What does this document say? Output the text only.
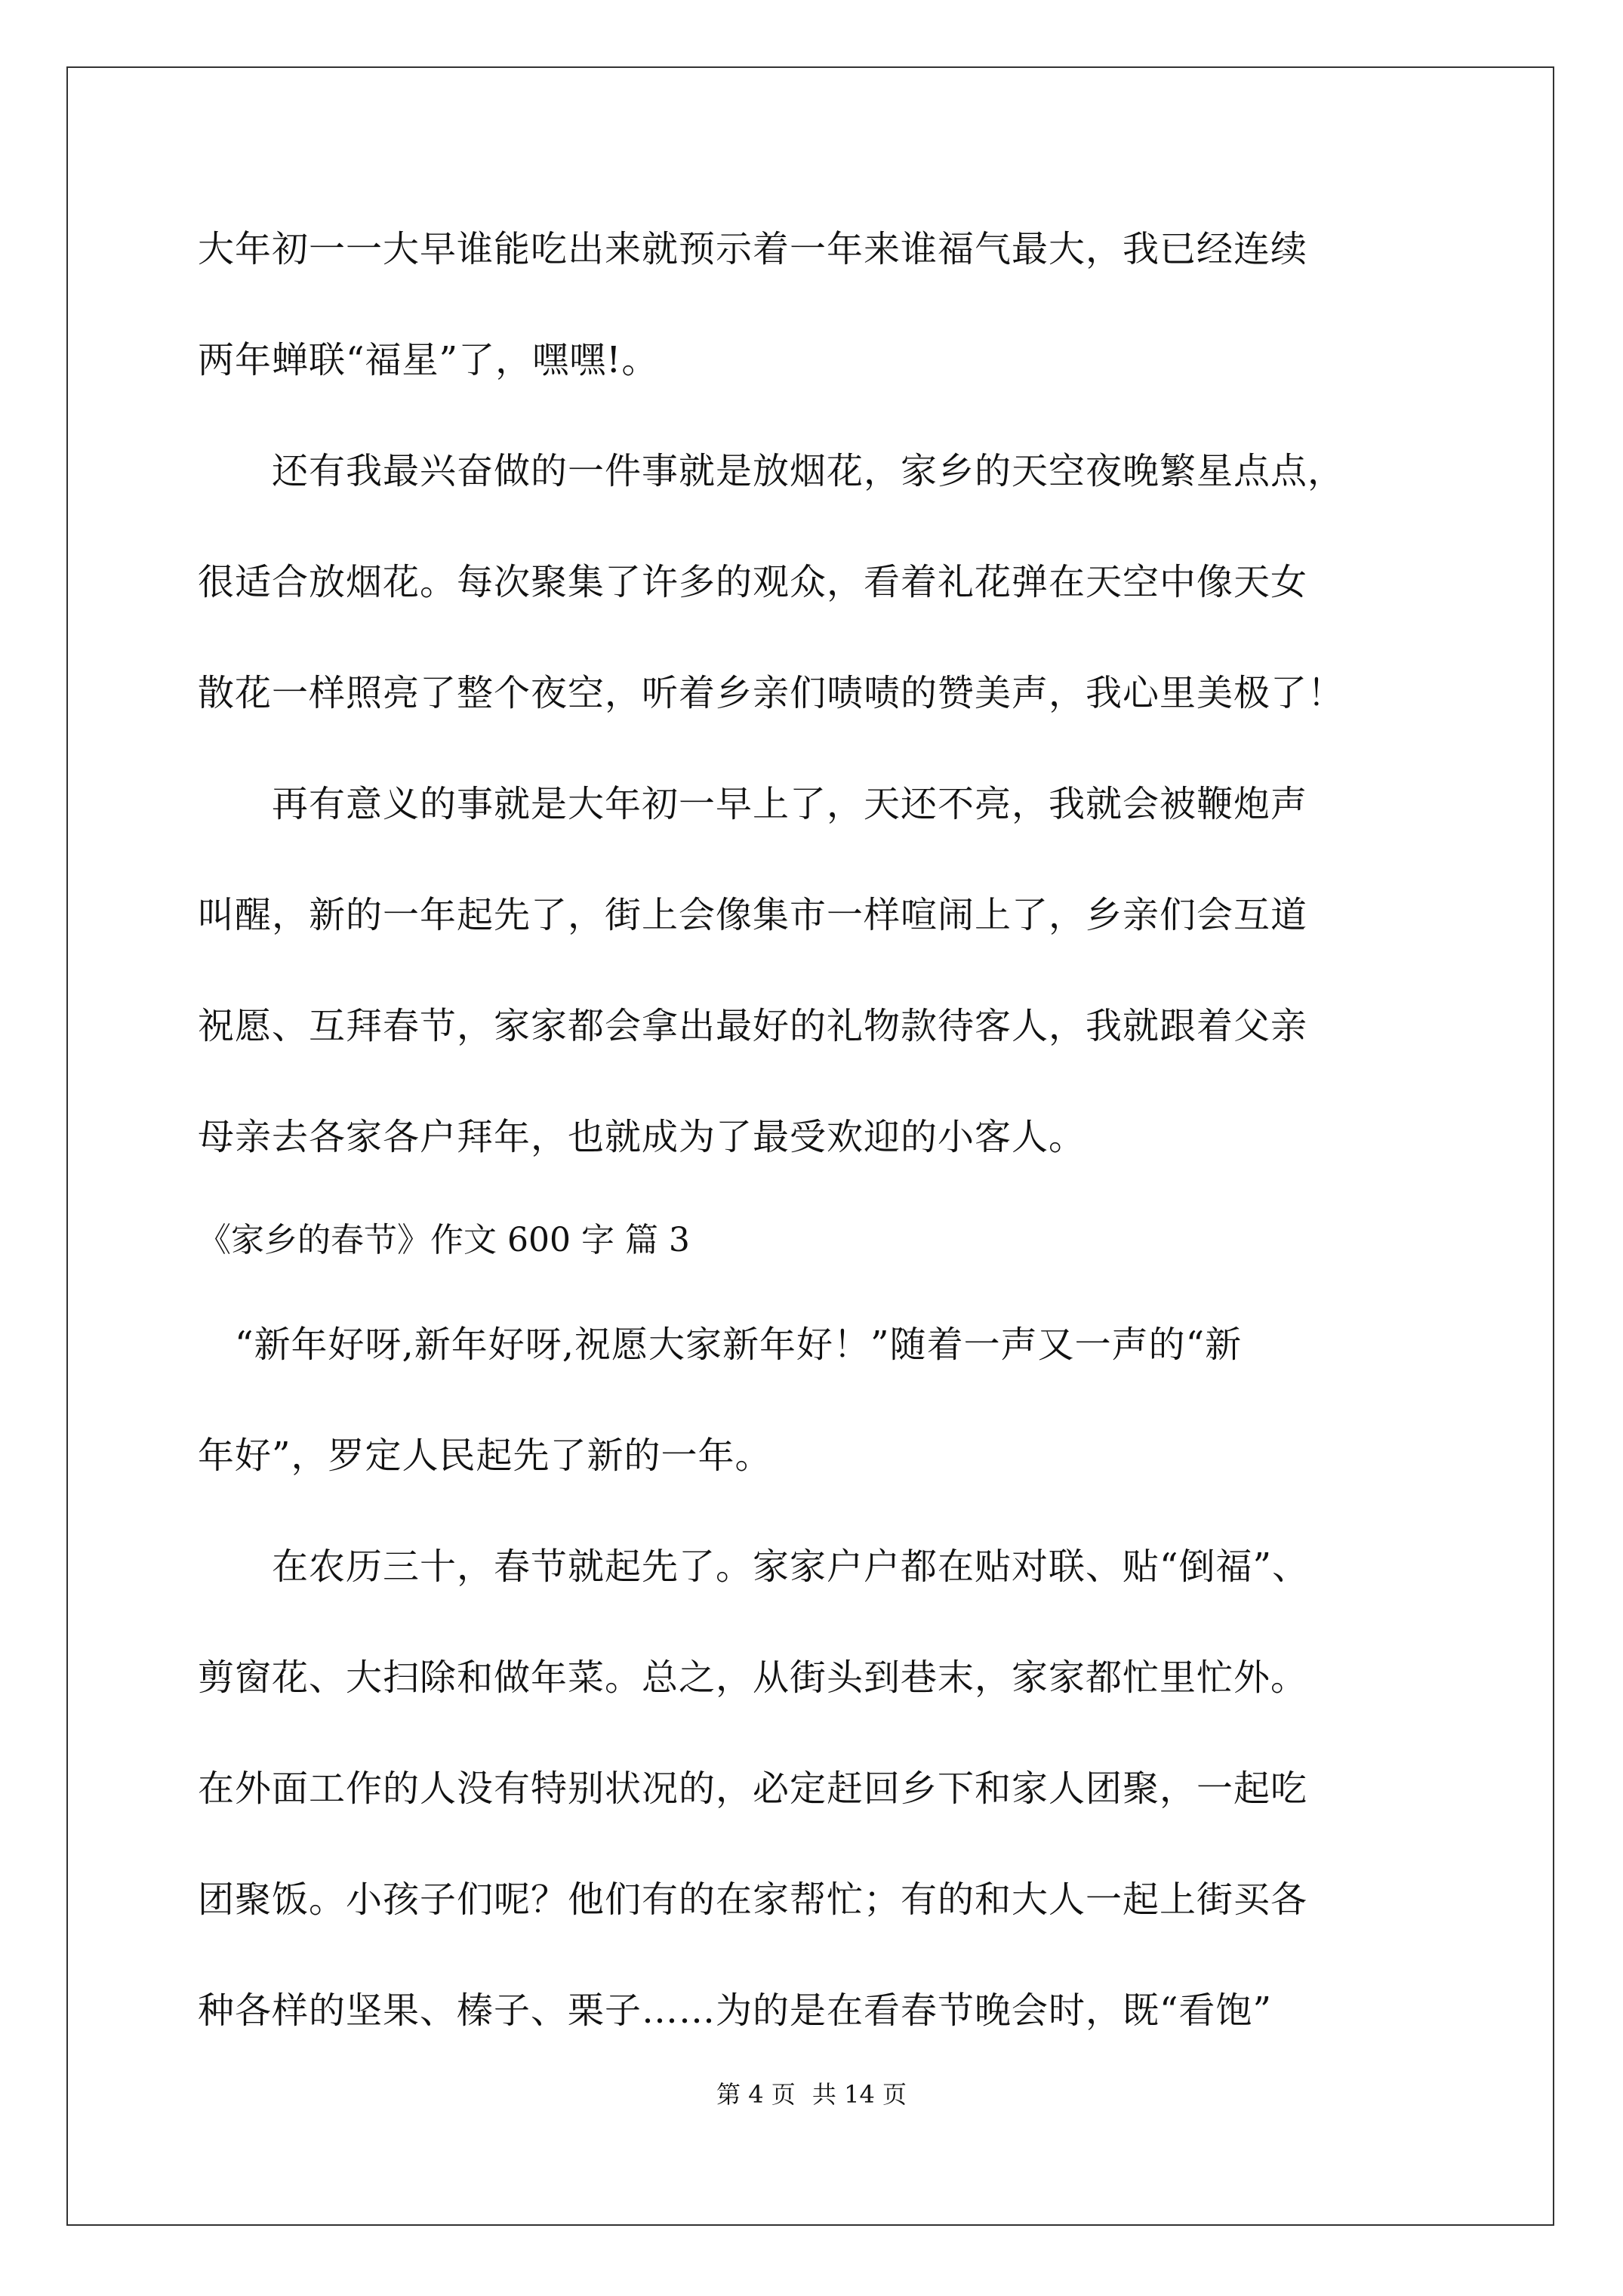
大年初一一大早谁能吃出来就预示着一年来谁福气最大，我已经连续
两年蝉联“福星”了，嘿嘿!。
　　还有我最兴奋做的一件事就是放烟花，家乡的天空夜晚繁星点点，
很适合放烟花。每次聚集了许多的观众，看着礼花弹在天空中像天女
散花一样照亮了整个夜空，听着乡亲们啧啧的赞美声，我心里美极了！
　　再有意义的事就是大年初一早上了，天还不亮，我就会被鞭炮声
叫醒，新的一年起先了，街上会像集市一样喧闹上了，乡亲们会互道
祝愿、互拜春节，家家都会拿出最好的礼物款待客人，我就跟着父亲
母亲去各家各户拜年，也就成为了最受欢迎的小客人。
《家乡的春节》作文 600 字 篇 3
　“新年好呀,新年好呀,祝愿大家新年好！”随着一声又一声的“新
年好”，罗定人民起先了新的一年。
　　在农历三十，春节就起先了。家家户户都在贴对联、贴“倒福”、
剪窗花、大扫除和做年菜。总之，从街头到巷末，家家都忙里忙外。
在外面工作的人没有特别状况的，必定赶回乡下和家人团聚，一起吃
团聚饭。小孩子们呢？他们有的在家帮忙；有的和大人一起上街买各
种各样的坚果、榛子、栗子……为的是在看春节晚会时，既“看饱”
第 4 页 共 14 页
